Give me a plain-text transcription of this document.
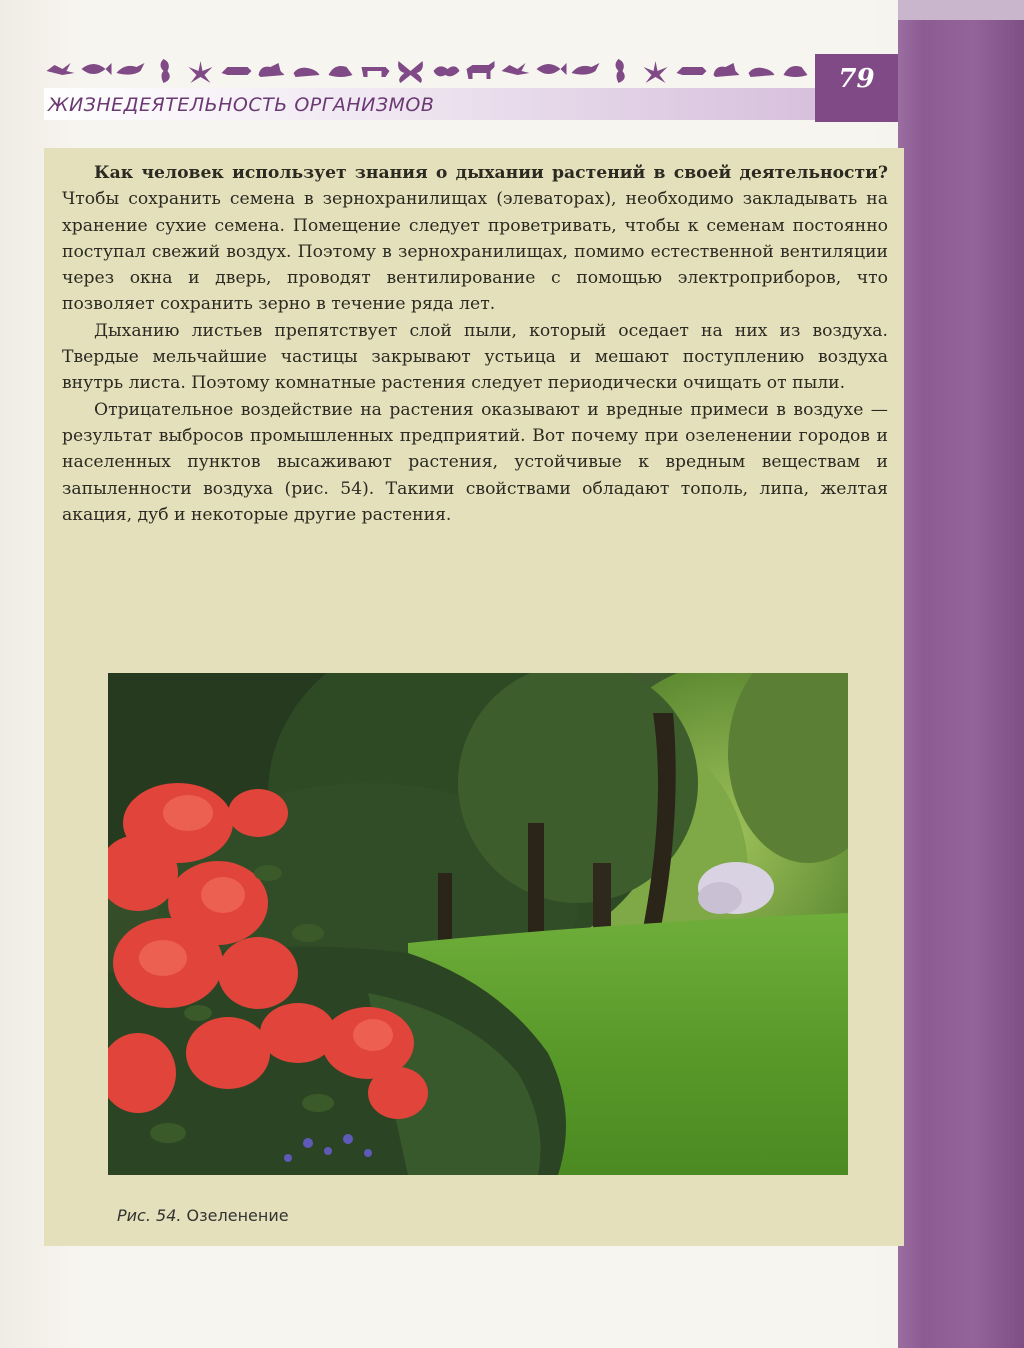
ЖИЗНЕДЕЯТЕЛЬНОСТЬ ОРГАНИЗМОВ
79

Как человек использует знания о дыхании растений в своей деятельности? Чтобы сохранить семена в зернохранилищах (элеваторах), необходимо закладывать на хранение сухие семена. Помещение следует проветривать, чтобы к семенам постоянно поступал свежий воздух. Поэтому в зернохранилищах, помимо естественной вентиляции через окна и дверь, проводят вентилирование с помощью электроприборов, что позволяет сохранить зерно в течение ряда лет.

Дыханию листьев препятствует слой пыли, который оседает на них из воздуха. Твердые мельчайшие частицы закрывают устьица и мешают поступлению воздуха внутрь листа. Поэтому комнатные растения следует периодически очищать от пыли.

Отрицательное воздействие на растения оказывают и вредные примеси в воздухе — результат выбросов промышленных предприятий. Вот почему при озеленении городов и населенных пунктов высаживают растения, устойчивые к вредным веществам и запыленности воздуха (рис. 54). Такими свойствами обладают тополь, липа, желтая акация, дуб и некоторые другие растения.

Рис. 54. Озеленение
